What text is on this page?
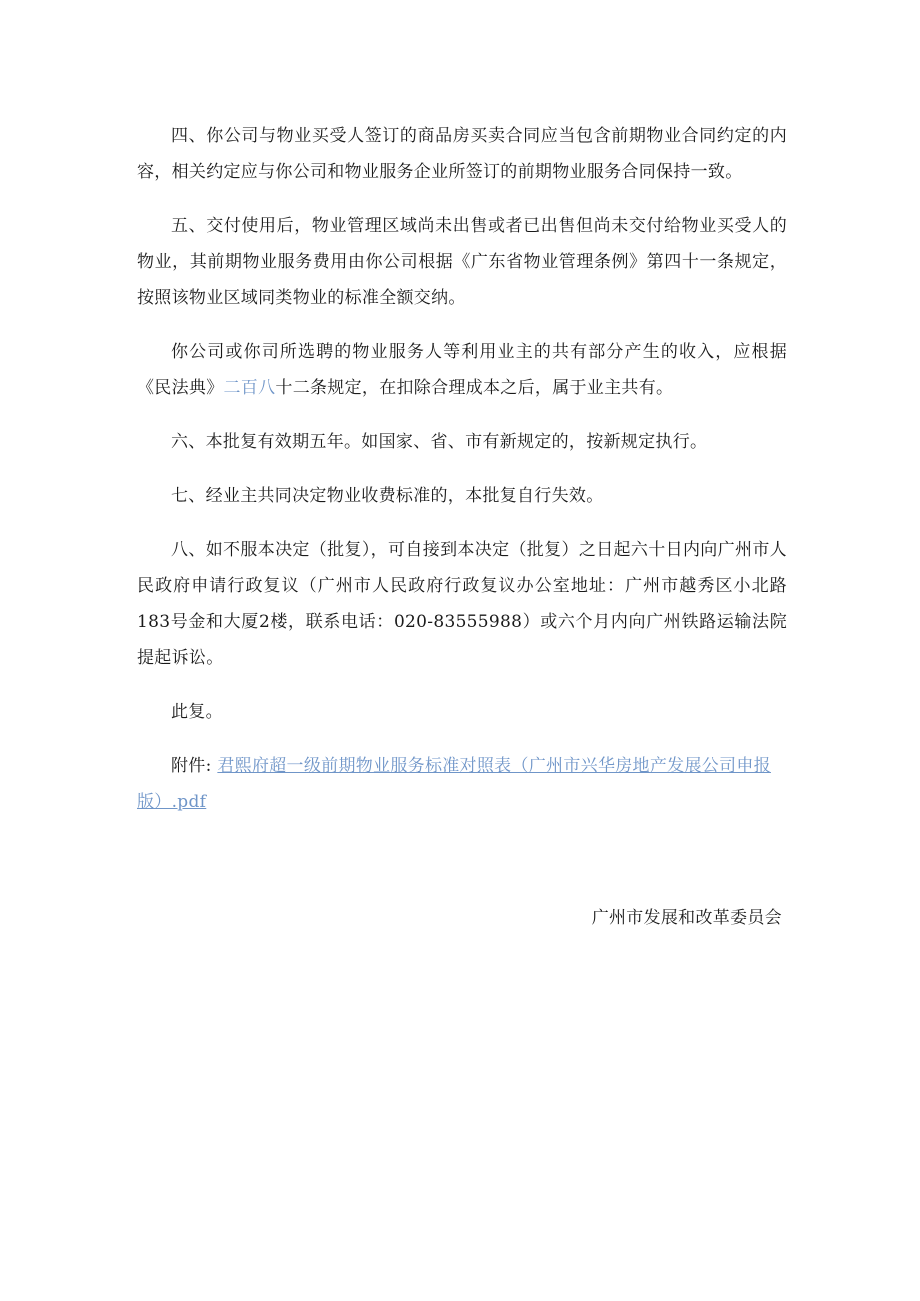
四、你公司与物业买受人签订的商品房买卖合同应当包含前期物业合同约定的内容，相关约定应与你公司和物业服务企业所签订的前期物业服务合同保持一致。

五、交付使用后，物业管理区域尚未出售或者已出售但尚未交付给物业买受人的物业，其前期物业服务费用由你公司根据《广东省物业管理条例》第四十一条规定，按照该物业区域同类物业的标准全额交纳。

你公司或你司所选聘的物业服务人等利用业主的共有部分产生的收入，应根据《民法典》二百八十二条规定，在扣除合理成本之后，属于业主共有。

六、本批复有效期五年。如国家、省、市有新规定的，按新规定执行。

七、经业主共同决定物业收费标准的，本批复自行失效。

八、如不服本决定（批复），可自接到本决定（批复）之日起六十日内向广州市人民政府申请行政复议（广州市人民政府行政复议办公室地址：广州市越秀区小北路183号金和大厦2楼，联系电话：020-83555988）或六个月内向广州铁路运输法院提起诉讼。

此复。

附件: 君熙府超一级前期物业服务标准对照表（广州市兴华房地产发展公司申报版）.pdf

广州市发展和改革委员会
